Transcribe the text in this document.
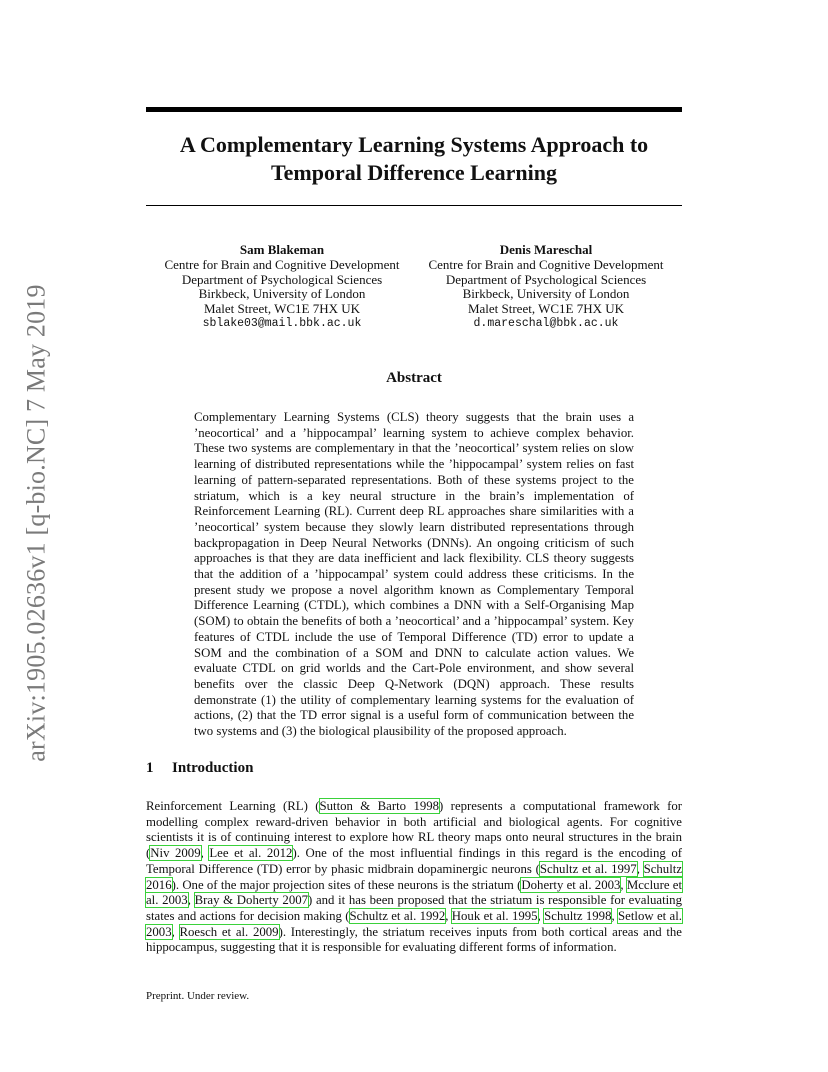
arXiv:1905.02636v1 [q-bio.NC] 7 May 2019
A Complementary Learning Systems Approach to
Temporal Difference Learning
Sam Blakeman
Centre for Brain and Cognitive Development
Department of Psychological Sciences
Birkbeck, University of London
Malet Street, WC1E 7HX UK
sblake03@mail.bbk.ac.uk
Denis Mareschal
Centre for Brain and Cognitive Development
Department of Psychological Sciences
Birkbeck, University of London
Malet Street, WC1E 7HX UK
d.mareschal@bbk.ac.uk
Abstract

Complementary Learning Systems (CLS) theory suggests that the brain uses a ’neocortical’ and a ’hippocampal’ learning system to achieve complex behavior. These two systems are complementary in that the ’neocortical’ system relies on slow learning of distributed representations while the ’hippocampal’ system relies on fast learning of pattern-separated representations. Both of these systems project to the striatum, which is a key neural structure in the brain’s implementation of Reinforcement Learning (RL). Current deep RL approaches share similarities with a ’neocortical’ system because they slowly learn distributed representations through backpropagation in Deep Neural Networks (DNNs). An ongoing criticism of such approaches is that they are data inefficient and lack flexibility. CLS theory suggests that the addition of a ’hippocampal’ system could address these criticisms. In the present study we propose a novel algorithm known as Complementary Temporal Difference Learning (CTDL), which combines a DNN with a Self-Organising Map (SOM) to obtain the benefits of both a ’neocortical’ and a ’hippocampal’ system. Key features of CTDL include the use of Temporal Difference (TD) error to update a SOM and the combination of a SOM and DNN to calculate action values. We evaluate CTDL on grid worlds and the Cart-Pole environment, and show several benefits over the classic Deep Q-Network (DQN) approach. These results demonstrate (1) the utility of complementary learning systems for the evaluation of actions, (2) that the TD error signal is a useful form of communication between the two systems and (3) the biological plausibility of the proposed approach.

1 Introduction

Reinforcement Learning (RL) (Sutton & Barto 1998) represents a computational framework for modelling complex reward-driven behavior in both artificial and biological agents. For cognitive scientists it is of continuing interest to explore how RL theory maps onto neural structures in the brain (Niv 2009, Lee et al. 2012). One of the most influential findings in this regard is the encoding of Temporal Difference (TD) error by phasic midbrain dopaminergic neurons (Schultz et al. 1997, Schultz 2016). One of the major projection sites of these neurons is the striatum (Doherty et al. 2003, Mcclure et al. 2003, Bray & Doherty 2007) and it has been proposed that the striatum is responsible for evaluating states and actions for decision making (Schultz et al. 1992, Houk et al. 1995, Schultz 1998, Setlow et al. 2003, Roesch et al. 2009). Interestingly, the striatum receives inputs from both cortical areas and the hippocampus, suggesting that it is responsible for evaluating different forms of information.

Preprint. Under review.
